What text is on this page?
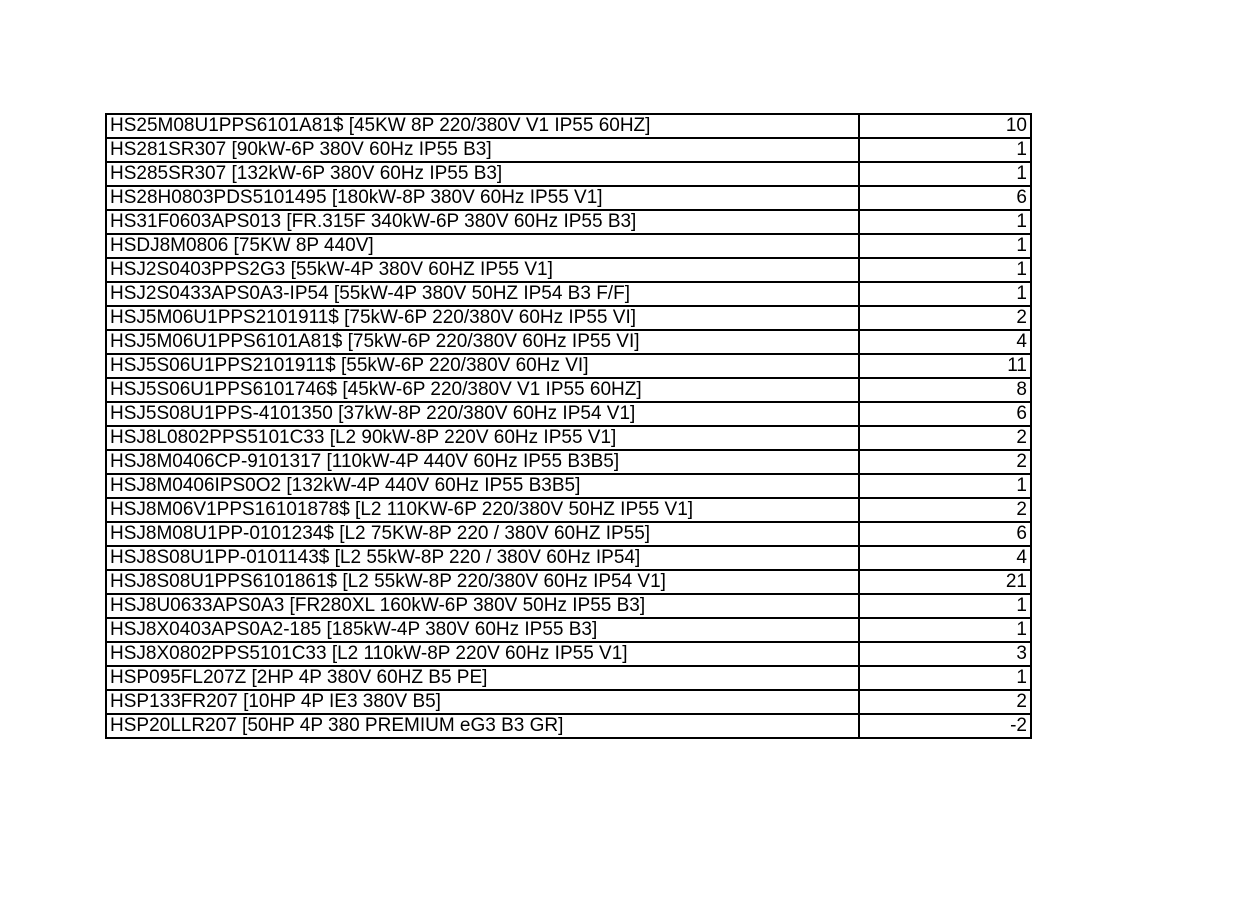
HS25M08U1PPS6101A81$ [45KW 8P 220/380V V1 IP55 60HZ]	10
HS281SR307 [90kW-6P 380V 60Hz IP55 B3]	1
HS285SR307 [132kW-6P 380V 60Hz IP55 B3]	1
HS28H0803PDS5101495 [180kW-8P 380V 60Hz IP55 V1]	6
HS31F0603APS013 [FR.315F 340kW-6P 380V 60Hz IP55 B3]	1
HSDJ8M0806 [75KW 8P 440V]	1
HSJ2S0403PPS2G3 [55kW-4P 380V 60HZ IP55 V1]	1
HSJ2S0433APS0A3-IP54 [55kW-4P 380V 50HZ IP54 B3 F/F]	1
HSJ5M06U1PPS2101911$ [75kW-6P 220/380V 60Hz IP55 VI]	2
HSJ5M06U1PPS6101A81$ [75kW-6P 220/380V 60Hz IP55 VI]	4
HSJ5S06U1PPS2101911$ [55kW-6P 220/380V 60Hz VI]	11
HSJ5S06U1PPS6101746$ [45kW-6P 220/380V V1 IP55 60HZ]	8
HSJ5S08U1PPS-4101350 [37kW-8P 220/380V 60Hz IP54 V1]	6
HSJ8L0802PPS5101C33 [L2 90kW-8P 220V 60Hz IP55 V1]	2
HSJ8M0406CP-9101317 [110kW-4P 440V 60Hz IP55 B3B5]	2
HSJ8M0406IPS0O2 [132kW-4P 440V 60Hz IP55 B3B5]	1
HSJ8M06V1PPS16101878$ [L2 110KW-6P 220/380V 50HZ IP55 V1]	2
HSJ8M08U1PP-0101234$ [L2 75KW-8P 220 / 380V 60HZ IP55]	6
HSJ8S08U1PP-0101143$ [L2 55kW-8P 220 / 380V 60Hz IP54]	4
HSJ8S08U1PPS6101861$ [L2 55kW-8P 220/380V 60Hz IP54 V1]	21
HSJ8U0633APS0A3 [FR280XL 160kW-6P 380V 50Hz IP55 B3]	1
HSJ8X0403APS0A2-185 [185kW-4P 380V 60Hz IP55 B3]	1
HSJ8X0802PPS5101C33 [L2 110kW-8P 220V 60Hz IP55 V1]	3
HSP095FL207Z [2HP 4P 380V 60HZ B5 PE]	1
HSP133FR207 [10HP 4P IE3 380V B5]	2
HSP20LLR207 [50HP 4P 380 PREMIUM eG3 B3 GR]	-2
